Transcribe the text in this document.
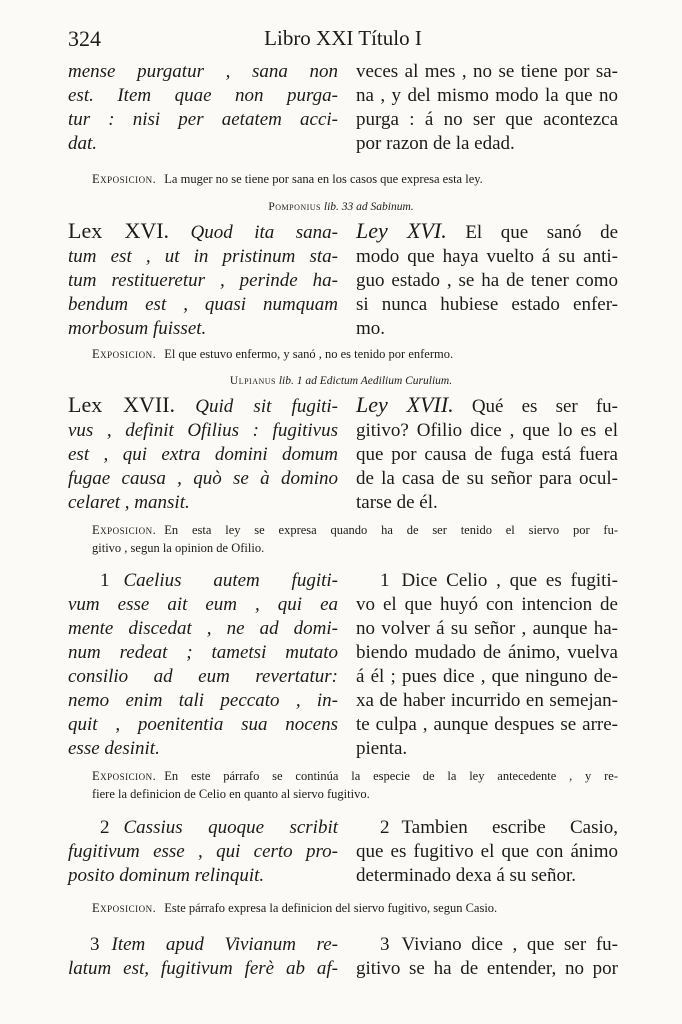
324	Libro XXI Título I
mense purgatur , sana non
est. Item quae non purga-
tur : nisi per aetatem acci-
dat.
veces al mes , no se tiene por sa-
na , y del mismo modo la que no
purga : á no ser que acontezca
por razon de la edad.
Exposicion. La muger no se tiene por sana en los casos que expresa esta ley.
Pomponius lib. 33 ad Sabinum.
Lex XVI. Quod ita sana-
tum est , ut in pristinum sta-
tum restitueretur , perinde ha-
bendum est , quasi numquam
morbosum fuisset.
Ley XVI. El que sanó de
modo que haya vuelto á su anti-
guo estado , se ha de tener como
si nunca hubiese estado enfer-
mo.
Exposicion. El que estuvo enfermo, y sanó , no es tenido por enfermo.
Ulpianus lib. 1 ad Edictum Aedilium Curulium.
Lex XVII. Quid sit fugiti-
vus , definit Ofilius : fugitivus
est , qui extra domini domum
fugae causa , quò se à domino
celaret , mansit.
Ley XVII. Qué es ser fu-
gitivo? Ofilio dice , que lo es el
que por causa de fuga está fuera
de la casa de su señor para ocul-
tarse de él.
Exposicion. En esta ley se expresa quando ha de ser tenido el siervo por fu-
gitivo , segun la opinion de Ofilio.
1 Caelius autem fugiti-
vum esse ait eum , qui ea
mente discedat , ne ad domi-
num redeat ; tametsi mutato
consilio ad eum revertatur:
nemo enim tali peccato , in-
quit , poenitentia sua nocens
esse desinit.
1 Dice Celio , que es fugiti-
vo el que huyó con intencion de
no volver á su señor , aunque ha-
biendo mudado de ánimo, vuelva
á él ; pues dice , que ninguno de-
xa de haber incurrido en semejan-
te culpa , aunque despues se arre-
pienta.
Exposicion. En este párrafo se continúa la especie de la ley antecedente , y re-
fiere la definicion de Celio en quanto al siervo fugitivo.
2 Cassius quoque scribit
fugitivum esse , qui certo pro-
posito dominum relinquit.
2 Tambien escribe Casio,
que es fugitivo el que con ánimo
determinado dexa á su señor.
Exposicion. Este párrafo expresa la definicion del siervo fugitivo, segun Casio.
3 Item apud Vivianum re-
latum est, fugitivum ferè ab af-
3 Viviano dice , que ser fu-
gitivo se ha de entender, no por
